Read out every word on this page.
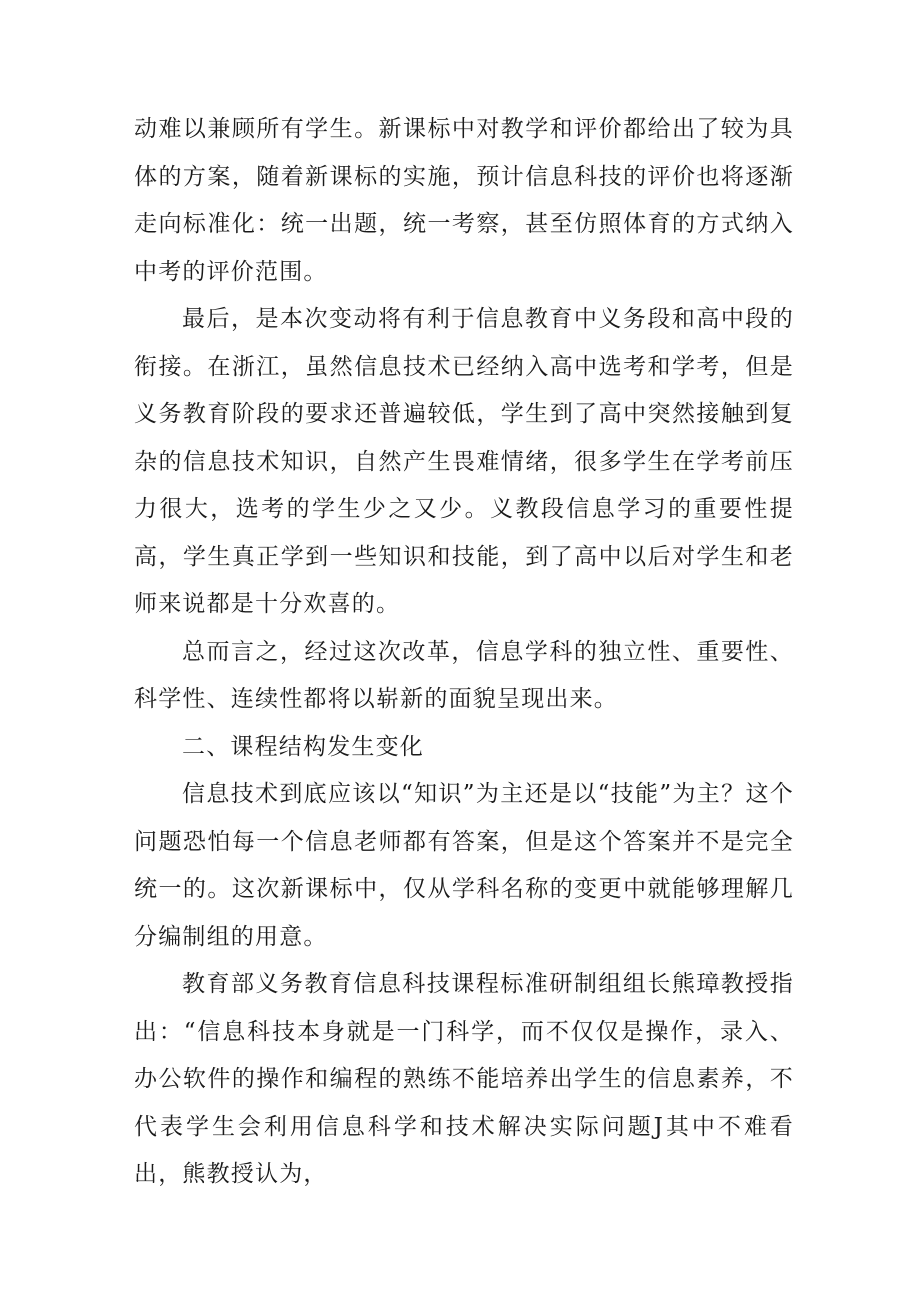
动难以兼顾所有学生。新课标中对教学和评价都给出了较为具体的方案，随着新课标的实施，预计信息科技的评价也将逐渐走向标准化：统一出题，统一考察，甚至仿照体育的方式纳入中考的评价范围。

最后，是本次变动将有利于信息教育中义务段和高中段的衔接。在浙江，虽然信息技术已经纳入高中选考和学考，但是义务教育阶段的要求还普遍较低，学生到了高中突然接触到复杂的信息技术知识，自然产生畏难情绪，很多学生在学考前压力很大，选考的学生少之又少。义教段信息学习的重要性提高，学生真正学到一些知识和技能，到了高中以后对学生和老师来说都是十分欢喜的。

总而言之，经过这次改革，信息学科的独立性、重要性、科学性、连续性都将以崭新的面貌呈现出来。

二、课程结构发生变化

信息技术到底应该以“知识”为主还是以“技能”为主？这个问题恐怕每一个信息老师都有答案，但是这个答案并不是完全统一的。这次新课标中，仅从学科名称的变更中就能够理解几分编制组的用意。

教育部义务教育信息科技课程标准研制组组长熊璋教授指出：“信息科技本身就是一门科学，而不仅仅是操作，录入、办公软件的操作和编程的熟练不能培养出学生的信息素养，不代表学生会利用信息科学和技术解决实际问题J其中不难看出，熊教授认为，
